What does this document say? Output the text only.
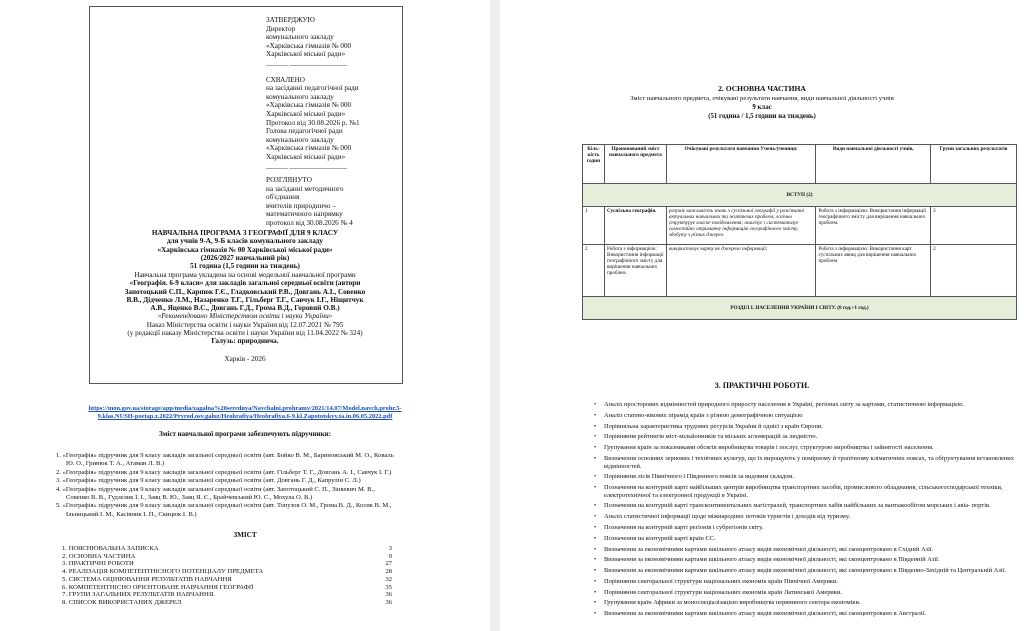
ЗАТВЕРДЖУЮ
Директор
комунального закладу
«Харківська гімназія № 000
Харківської міської ради»
______ ________________
СХВАЛЕНО
на засіданні педагогічної ради
комунального закладу
«Харківська гімназія № 000
Харківської міської ради»
Протокол від 30.08.2026 р. №1
Голова педагогічної ради
комунального закладу
«Харківська гімназія № 000
Харківської міської ради»
______ ________________
РОЗГЛЯНУТО
на засіданні методичного
об'єднання
вчителів природничо –
математичного напрямку
протокол від 30.08.2026 № 4
НАВЧАЛЬНА ПРОГРАМА З ГЕОГРАФІЇ ДЛЯ 9 КЛАСУ
для учнів 9-А, 9-Б класів комунального закладу
«Харківська гімназія № 00 Харківської міської ради»
(2026/2027 навчальний рік)
51 година (1,5 години на тиждень)
Навчальна програма укладена на основі модельної навчальної програми
«Географія. 6-9 класи» для закладів загальної середньої освіти (автори
Запотоцький С.П., Карпюк Г.Є., Гладковський Р.В., Довгань А.І., Совенко
В.В., Дідченко Л.М., Назаренко Т.Г., Гільберг Т.Г., Савчук І.Г., Ніщитчук
А.В., Яценко В.С., Довгань Г.Д., Грома В.Д., Горовий О.В.)
«Рекомендовано Міністерством освіти і науки України»
Наказ Міністерства освіти і науки України від 12.07.2021 № 795
(у редакції наказу Міністерства освіти і науки України від 11.04.2022 № 324)
Галузь: природнича.
Харків - 2026
https://mon.gov.ua/storage/app/media/zagalna%20serednya/Navchalni.prohramy/2021/14.07/Model.navch.prohr.5-
9.klas.NUSH-poetap.z.2022/Pryrod.osv.galuz/Heohrafiya/Heohrafiya.6-9.kl.Zapototskyy.ta.in.06.05.2022.pdf
Зміст навчальної програми забезпечують підручники:
1. «Географія» підручник для 9 класу закладів загальної середньої освіти (авт. Бойко В. М., Бариновський М. О., Коваль
Ю. О., Гринюк Т. А., Атаман Л. В.)
2. «Географія» підручник для 9 класу закладів загальної середньої освіти (авт. Гільберг Т. Г., Довгань А. І., Савчук І. Г.)
3. «Географія» підручник для 9 класу закладів загальної середньої освіти (авт. Довгань Г. Д., Капрулін С. Л.)
4. «Географія» підручник для 9 класу закладів загальної середньої освіти (авт. Запотоцький С. П., Зінкевич М. В.,
Совенко В. В., Гудзелик І. І., Заяц В. Ю., Заяц Я. Є., Брайчевський Ю. С., Мохула О. В.)
5. «Географія» підручник для 9 класу закладів загальної середньої освіти (авт. Топузов О. М., Грома В. Д., Косик В. М.,
Ільницький І. М., Касіяник І. П., Скицюк І. В.)
ЗМІСТ
1. ПОЯСНЮВАЛЬНА ЗАПИСКА	3
2. ОСНОВНА ЧАСТИНА	9
3. ПРАКТИЧНІ РОБОТИ	27
4. РЕАЛІЗАЦІЯ КОМПЕТЕНТНІСНОГО ПОТЕНЦІАЛУ ПРЕДМЕТА	28
5. СИСТЕМА ОЦІНЮВАННЯ РЕЗУЛЬТАТІВ НАВЧАННЯ	32
6. КОМПЕТЕНТНІСНО ОРІЄНТОВАНЕ НАВЧАННЯ ГЕОГРАФІЇ	35
7. ГРУПИ ЗАГАЛЬНИХ РЕЗУЛЬТАТІВ НАВЧАННЯ.	36
8. СПИСОК ВИКОРИСТАНИХ ДЖЕРЕЛ	36
2. ОСНОВНА ЧАСТИНА
Зміст навчального предмета, очікувані результати навчання, види навчальної діяльності учнів
9 клас
(51 година / 1,5 години на тиждень)
Кіль-кість годин	Пропонований зміст навчального предмета	Очікувані результати навчання Учень/учениця:	Види навчальної діяльності учнів,	Групи загальних результатів
ВСТУП (2)				
1	Суспільна географія.	розуміє важливість знань з суспільної географії у розв'язанні актуальних навчальних та життєвих проблем; логічно структурує власне повідомлення; аналізує і систематизує самостійно отриманну інформацію географічного змісту, здобуту з різних джерел.	Робота з інформацією: Використання інформації географічного змісту для вирішення навчальних проблем.	2
2	Робота з інформацією: Використання інформації географічного змісту для вирішення навчальних проблем.	використовує карту як джерело інформації;	Робота з інформацією: Використання карт суспільних явищ для вирішення навчальних проблем.	2
РОЗДІЛ I. НАСЕЛЕННЯ УКРАЇНИ І СВІТУ. (8 год.+1 год.)				
3. ПРАКТИЧНІ РОБОТИ.
• Аналіз просторових відмінностей природного приросту населення в Україні, регіонах світу за картами, статистичною інформацією.
• Аналіз статево-вікових пірамід країн з різною демографічною ситуацією
• Порівняльна характеристика трудових ресурсів України й однієї з країн Європи.
• Порівняння рейтингів міст-мільйонників та міських агломерацій за людністю.
• Групування країн за показниками обсягів виробництва товарів і послуг, структурою виробництва і зайнятості населення.
• Визначення основних зернових і технічних культур, що їх вирощують у помірному й тропічному кліматичних поясах, та обґрунтування встановлених відмінностей.
• Порівняння лісів Північного і Південного поясів за видовим складом.
• Позначення на контурній карті найбільших центрів виробництва транспортних засобів, промислового обладнання, сільськогосподарської техніки, електротехнічної та електронної продукції в Україні.
• Позначення на контурній карті трансконтинентальних магістралей, транспортних хабів найбільших за вантажообігом морських і авіа- портів.
• Аналіз статистичної інформації щодо міжнародних потоків туристів і доходів від туризму.
• Позначення на контурній карті регіонів і субрегіонів світу.
• Позначення на контурній карті країн ЄС.
• Визначення за економічними картами шкільного атласу видів економічної діяльності, які сконцентровано в Східній Азії.
• Визначення за економічними картами шкільного атласу видів економічної діяльності, які сконцентровано в Південній Азії.
• Визначення за економічними картами шкільного атласу видів економічної діяльності, які сконцентровано в Південно-Західній та Центральній Азії.
• Порівняння секторальної структури національних економік країн Північної Америки.
• Порівняння секторальної структури національних економік країн Латинської Америки.
• Групування країн Африки за моноспеціалізацією виробництва первинного сектора економіки.
• Визначення за економічними картами шкільного атласу видів економічної діяльності, які сконцентровано в Австралії.
